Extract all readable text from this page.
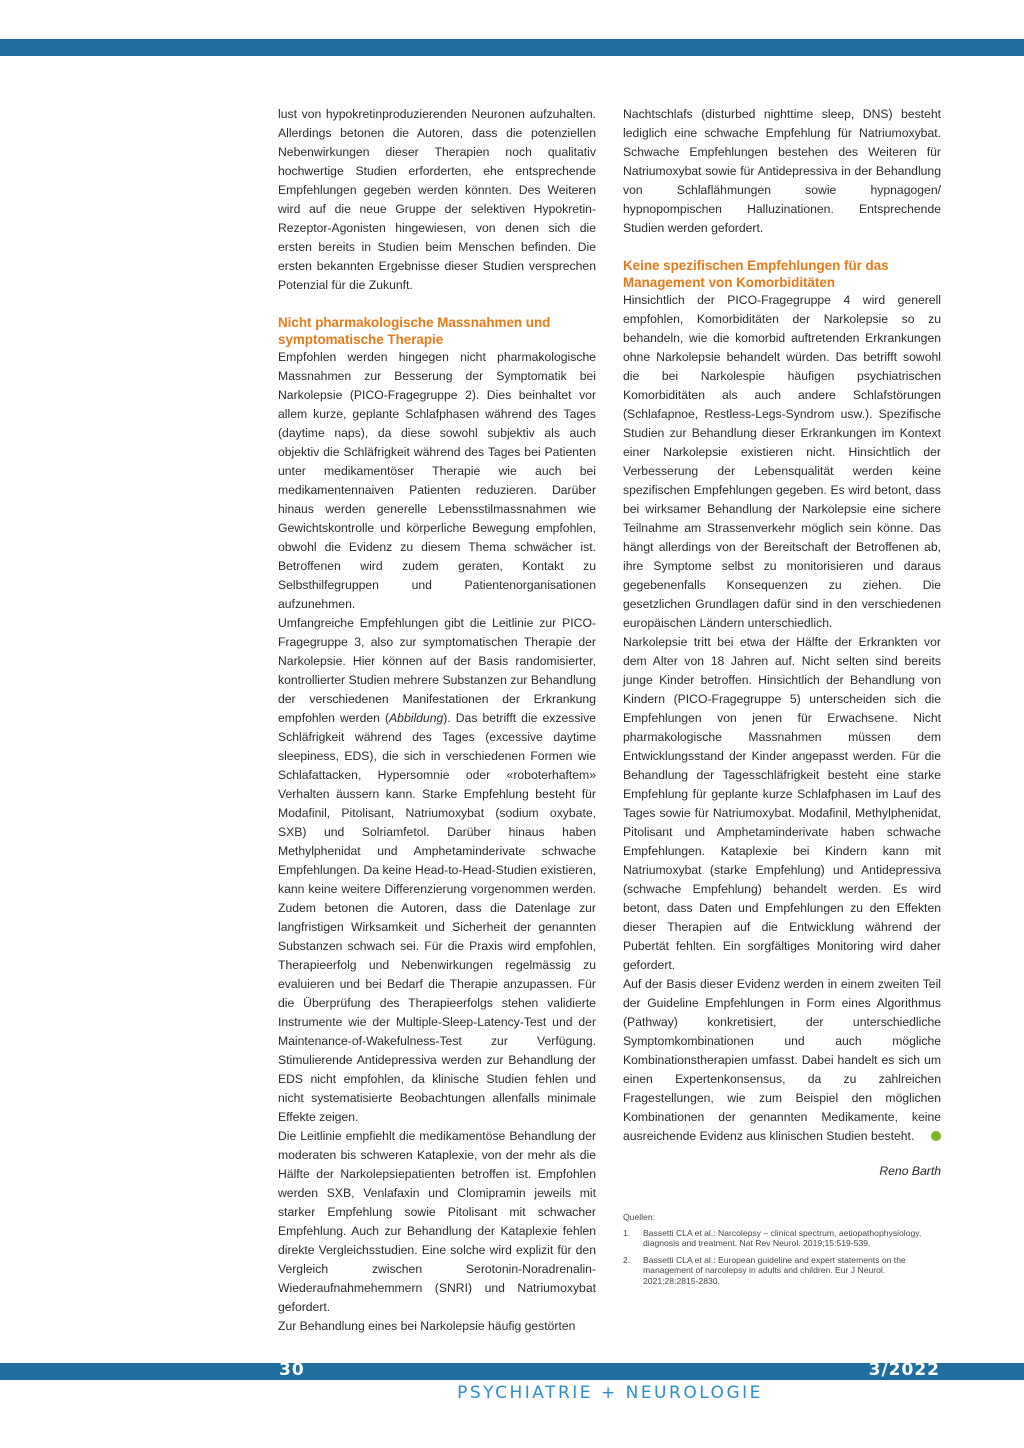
lust von hypokretinproduzierenden Neuronen aufzuhalten. Allerdings betonen die Autoren, dass die potenziellen Nebenwirkungen dieser Therapien noch qualitativ hochwertige Studien erforderten, ehe entsprechende Empfehlungen gegeben werden könnten. Des Weiteren wird auf die neue Gruppe der selektiven Hypokretin-Rezeptor-Agonisten hingewiesen, von denen sich die ersten bereits in Studien beim Menschen befinden. Die ersten bekannten Ergebnisse dieser Studien versprechen Potenzial für die Zukunft.

Nicht pharmakologische Massnahmen und symptomatische Therapie

Empfohlen werden hingegen nicht pharmakologische Massnahmen zur Besserung der Symptomatik bei Narkolepsie (PICO-Fragegruppe 2). Dies beinhaltet vor allem kurze, geplante Schlafphasen während des Tages (daytime naps), da diese sowohl subjektiv als auch objektiv die Schläfrigkeit während des Tages bei Patienten unter medikamentöser Therapie wie auch bei medikamentennaiven Patienten reduzieren. Darüber hinaus werden generelle Lebensstilmassnahmen wie Gewichtskontrolle und körperliche Bewegung empfohlen, obwohl die Evidenz zu diesem Thema schwächer ist. Betroffenen wird zudem geraten, Kontakt zu Selbsthilfegruppen und Patientenorganisationen aufzunehmen.

Umfangreiche Empfehlungen gibt die Leitlinie zur PICO-Fragegruppe 3, also zur symptomatischen Therapie der Narkolepsie. Hier können auf der Basis randomisierter, kontrollierter Studien mehrere Substanzen zur Behandlung der verschiedenen Manifestationen der Erkrankung empfohlen werden (Abbildung). Das betrifft die exzessive Schläfrigkeit während des Tages (excessive daytime sleepiness, EDS), die sich in verschiedenen Formen wie Schlafattacken, Hypersomnie oder «roboterhaftem» Verhalten äussern kann. Starke Empfehlung besteht für Modafinil, Pitolisant, Natriumoxybat (sodium oxybate, SXB) und Solriamfetol. Darüber hinaus haben Methylphenidat und Amphetaminderivate schwache Empfehlungen. Da keine Head-to-Head-Studien existieren, kann keine weitere Differenzierung vorgenommen werden. Zudem betonen die Autoren, dass die Datenlage zur langfristigen Wirksamkeit und Sicherheit der genannten Substanzen schwach sei. Für die Praxis wird empfohlen, Therapieerfolg und Nebenwirkungen regelmässig zu evaluieren und bei Bedarf die Therapie anzupassen. Für die Überprüfung des Therapieerfolgs stehen validierte Instrumente wie der Multiple-Sleep-Latency-Test und der Maintenance-of-Wakefulness-Test zur Verfügung. Stimulierende Antidepressiva werden zur Behandlung der EDS nicht empfohlen, da klinische Studien fehlen und nicht systematisierte Beobachtungen allenfalls minimale Effekte zeigen.

Die Leitlinie empfiehlt die medikamentöse Behandlung der moderaten bis schweren Kataplexie, von der mehr als die Hälfte der Narkolepsiepatienten betroffen ist. Empfohlen werden SXB, Venlafaxin und Clomipramin jeweils mit starker Empfehlung sowie Pitolisant mit schwacher Empfehlung. Auch zur Behandlung der Kataplexie fehlen direkte Vergleichsstudien. Eine solche wird explizit für den Vergleich zwischen Serotonin-Noradrenalin- Wiederaufnahmehemmern (SNRI) und Natriumoxybat gefordert.

Zur Behandlung eines bei Narkolepsie häufig gestörten

Nachtschlafs (disturbed nighttime sleep, DNS) besteht lediglich eine schwache Empfehlung für Natriumoxybat. Schwache Empfehlungen bestehen des Weiteren für Natriumoxybat sowie für Antidepressiva in der Behandlung von Schlaflähmungen sowie hypnagogen/ hypnopompischen Halluzinationen. Entsprechende Studien werden gefordert.

Keine spezifischen Empfehlungen für das Management von Komorbiditäten

Hinsichtlich der PICO-Fragegruppe 4 wird generell empfohlen, Komorbiditäten der Narkolepsie so zu behandeln, wie die komorbid auftretenden Erkrankungen ohne Narkolepsie behandelt würden. Das betrifft sowohl die bei Narkolespie häufigen psychiatrischen Komorbiditäten als auch andere Schlafstörungen (Schlafapnoe, Restless-Legs-Syndrom usw.). Spezifische Studien zur Behandlung dieser Erkrankungen im Kontext einer Narkolepsie existieren nicht. Hinsichtlich der Verbesserung der Lebensqualität werden keine spezifischen Empfehlungen gegeben. Es wird betont, dass bei wirksamer Behandlung der Narkolepsie eine sichere Teilnahme am Strassenverkehr möglich sein könne. Das hängt allerdings von der Bereitschaft der Betroffenen ab, ihre Symptome selbst zu monitorisieren und daraus gegebenenfalls Konsequenzen zu ziehen. Die gesetzlichen Grundlagen dafür sind in den verschiedenen europäischen Ländern unterschiedlich.

Narkolepsie tritt bei etwa der Hälfte der Erkrankten vor dem Alter von 18 Jahren auf. Nicht selten sind bereits junge Kinder betroffen. Hinsichtlich der Behandlung von Kindern (PICO-Fragegruppe 5) unterscheiden sich die Empfehlungen von jenen für Erwachsene. Nicht pharmakologische Massnahmen müssen dem Entwicklungsstand der Kinder angepasst werden. Für die Behandlung der Tagesschläfrigkeit besteht eine starke Empfehlung für geplante kurze Schlafphasen im Lauf des Tages sowie für Natriumoxybat. Modafinil, Methylphenidat, Pitolisant und Amphetaminderivate haben schwache Empfehlungen. Kataplexie bei Kindern kann mit Natriumoxybat (starke Empfehlung) und Antidepressiva (schwache Empfehlung) behandelt werden. Es wird betont, dass Daten und Empfehlungen zu den Effekten dieser Therapien auf die Entwicklung während der Pubertät fehlten. Ein sorgfältiges Monitoring wird daher gefordert.

Auf der Basis dieser Evidenz werden in einem zweiten Teil der Guideline Empfehlungen in Form eines Algorithmus (Pathway) konkretisiert, der unterschiedliche Symptomkombinationen und auch mögliche Kombinationstherapien umfasst. Dabei handelt es sich um einen Expertenkonsensus, da zu zahlreichen Fragestellungen, wie zum Beispiel den möglichen Kombinationen der genannten Medikamente, keine ausreichende Evidenz aus klinischen Studien besteht.

Reno Barth
Quellen:
1. Bassetti CLA et al.: Narcolepsy – clinical spectrum, aetiopathophysiology, diagnosis and treatment. Nat Rev Neurol. 2019;15:519-539.
2. Bassetti CLA et al.: European guideline and expert statements on the management of narcolepsy in adults and children. Eur J Neurol. 2021;28:2815-2830.
30	3/2022
PSYCHIATRIE + NEUROLOGIE
